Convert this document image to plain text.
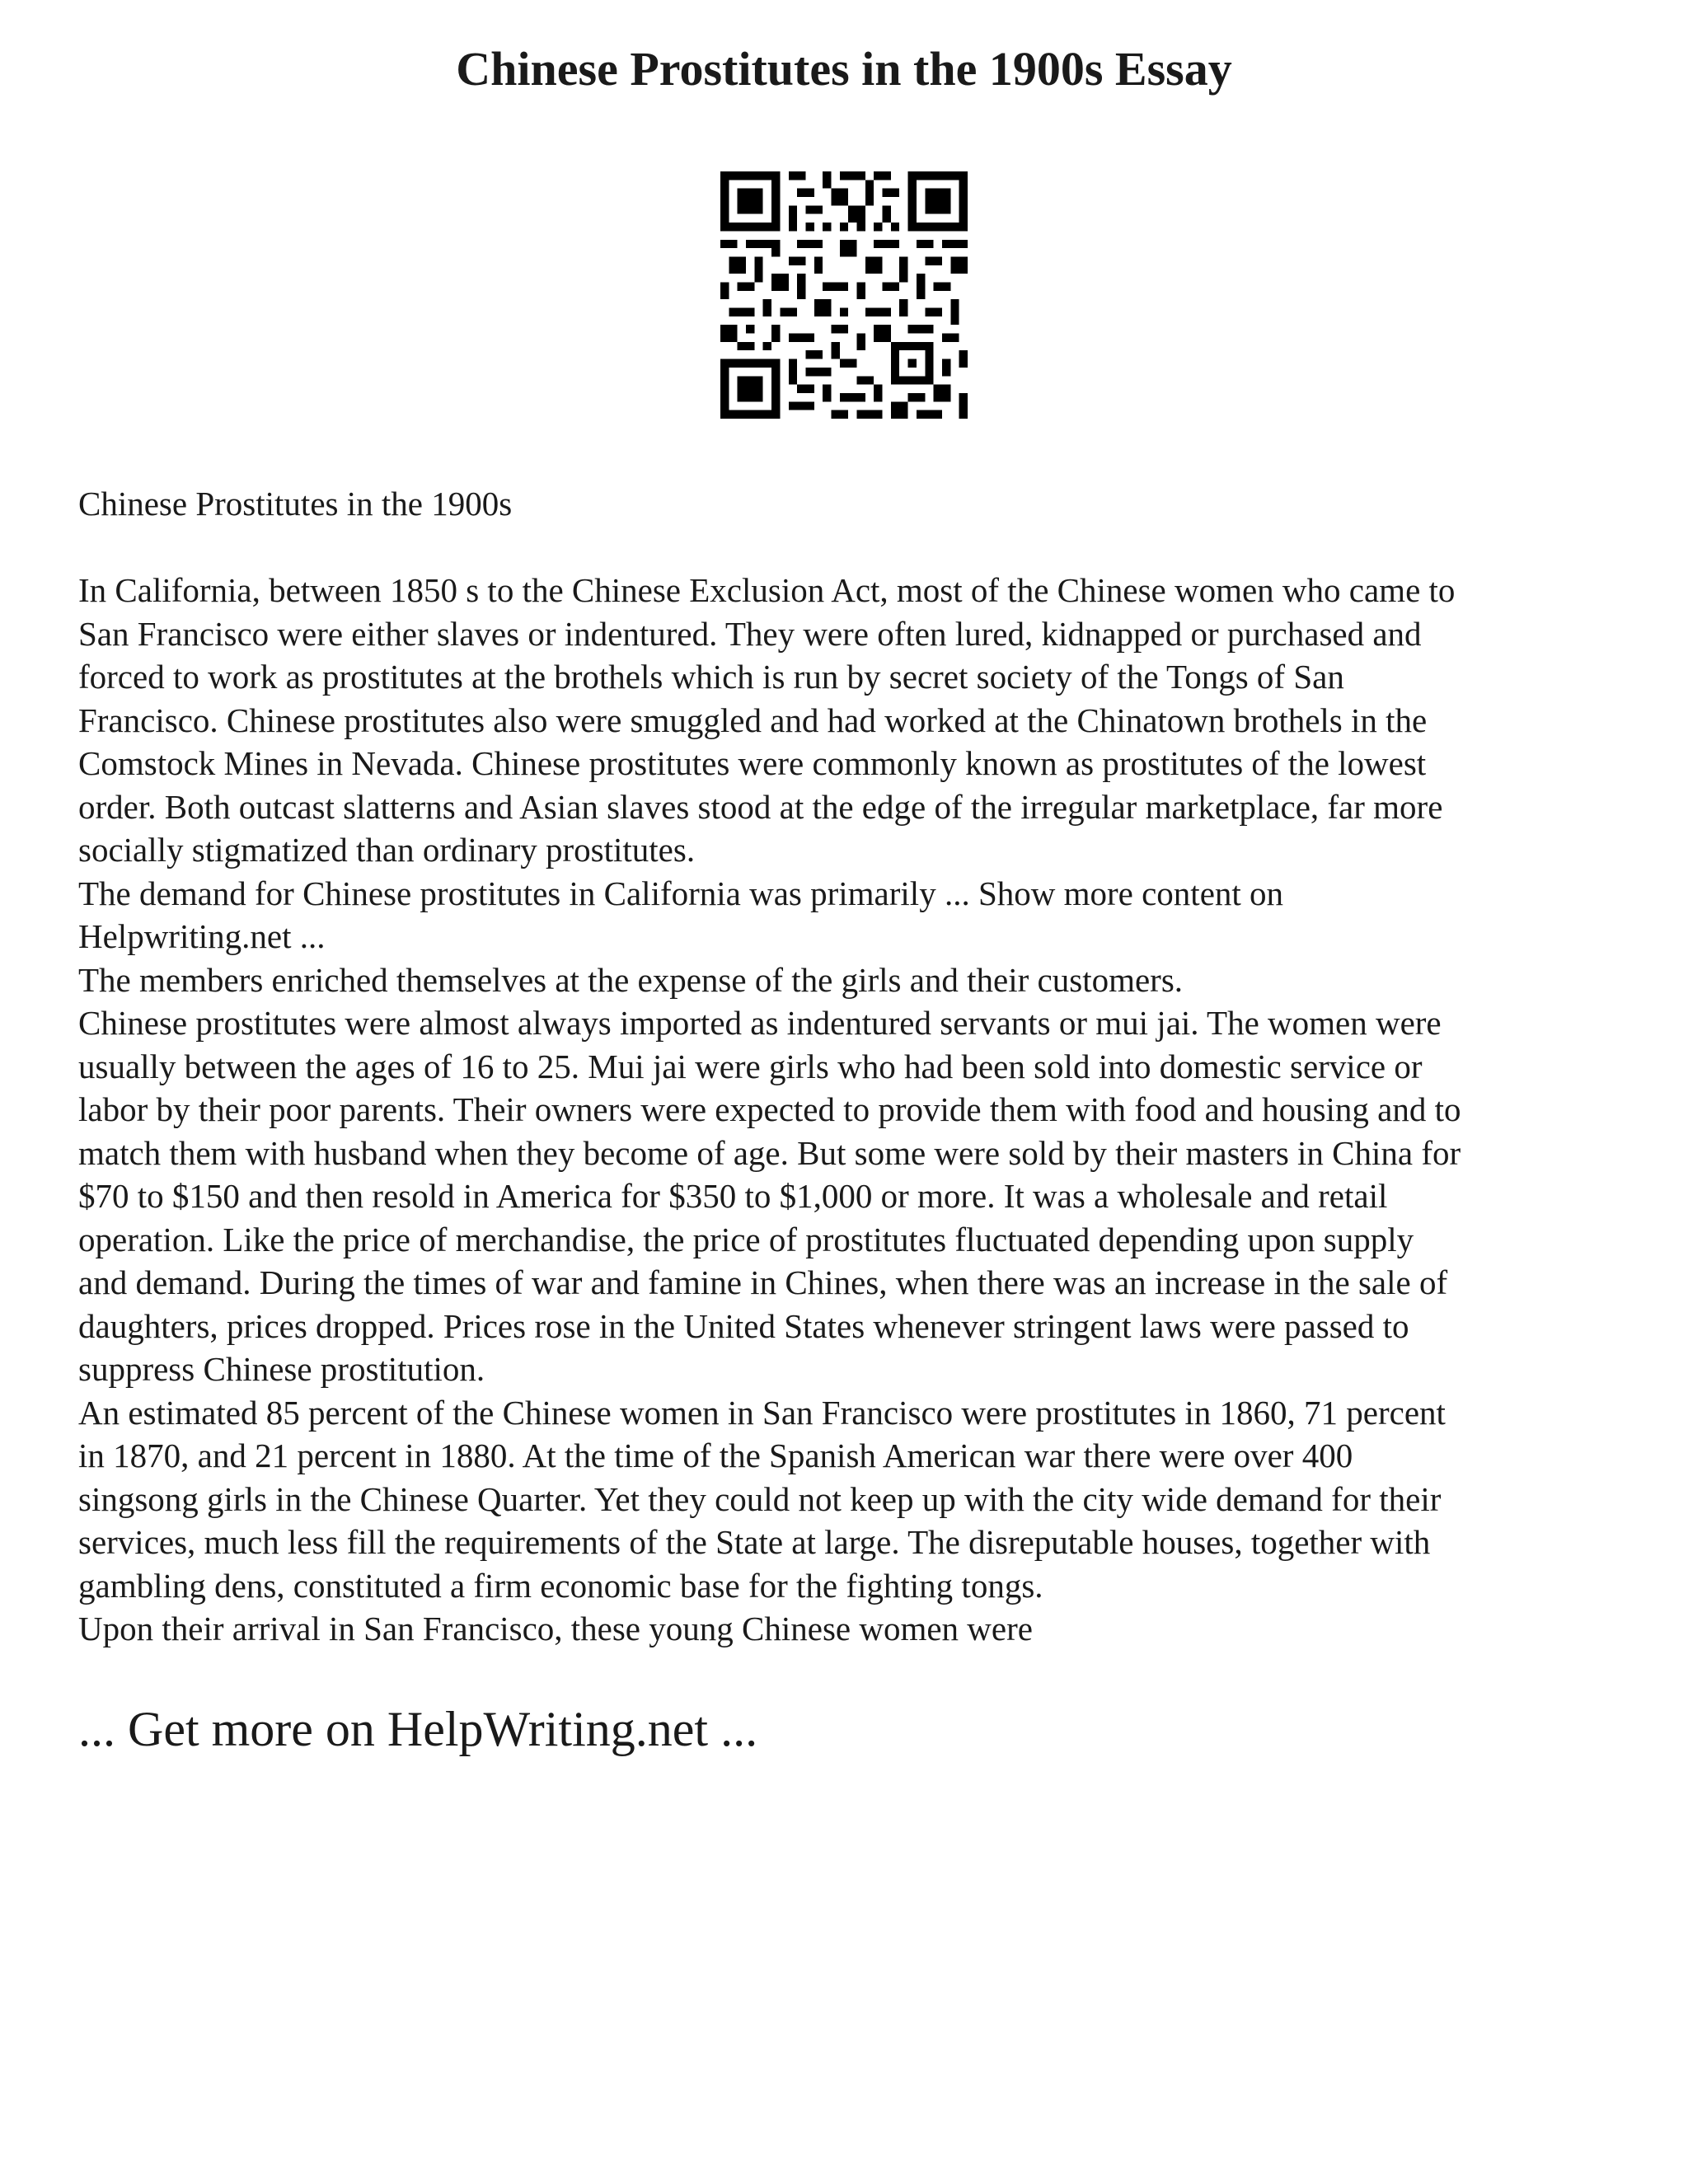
Chinese Prostitutes in the 1900s Essay

Chinese Prostitutes in the 1900s

In California, between 1850 s to the Chinese Exclusion Act, most of the Chinese women who came to
San Francisco were either slaves or indentured. They were often lured, kidnapped or purchased and
forced to work as prostitutes at the brothels which is run by secret society of the Tongs of San
Francisco. Chinese prostitutes also were smuggled and had worked at the Chinatown brothels in the
Comstock Mines in Nevada. Chinese prostitutes were commonly known as prostitutes of the lowest
order. Both outcast slatterns and Asian slaves stood at the edge of the irregular marketplace, far more
socially stigmatized than ordinary prostitutes.
The demand for Chinese prostitutes in California was primarily ... Show more content on
Helpwriting.net ...
The members enriched themselves at the expense of the girls and their customers.
Chinese prostitutes were almost always imported as indentured servants or mui jai. The women were
usually between the ages of 16 to 25. Mui jai were girls who had been sold into domestic service or
labor by their poor parents. Their owners were expected to provide them with food and housing and to
match them with husband when they become of age. But some were sold by their masters in China for
$70 to $150 and then resold in America for $350 to $1,000 or more. It was a wholesale and retail
operation. Like the price of merchandise, the price of prostitutes fluctuated depending upon supply
and demand. During the times of war and famine in Chines, when there was an increase in the sale of
daughters, prices dropped. Prices rose in the United States whenever stringent laws were passed to
suppress Chinese prostitution.
An estimated 85 percent of the Chinese women in San Francisco were prostitutes in 1860, 71 percent
in 1870, and 21 percent in 1880. At the time of the Spanish American war there were over 400
singsong girls in the Chinese Quarter. Yet they could not keep up with the city wide demand for their
services, much less fill the requirements of the State at large. The disreputable houses, together with
gambling dens, constituted a firm economic base for the fighting tongs.
Upon their arrival in San Francisco, these young Chinese women were

... Get more on HelpWriting.net ...
